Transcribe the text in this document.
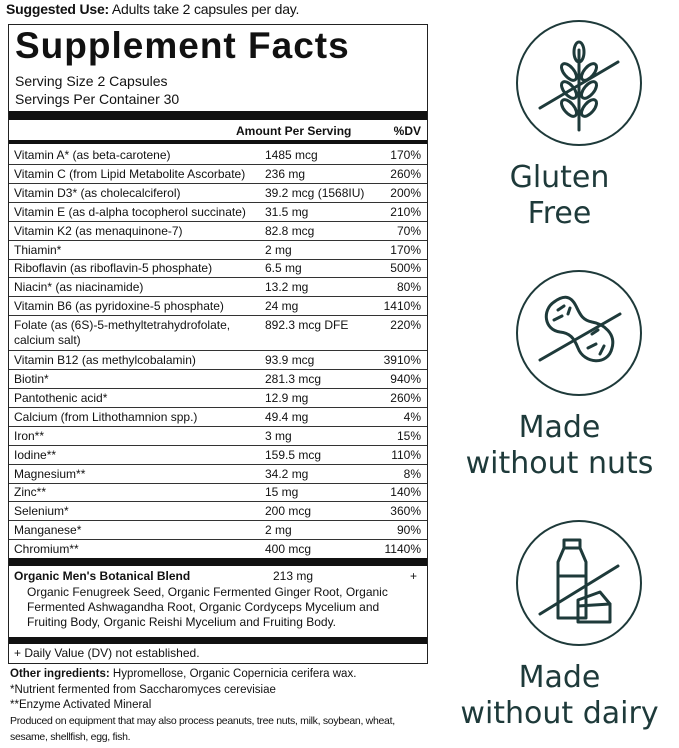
Suggested Use: Adults take 2 capsules per day.
Supplement Facts
Serving Size 2 Capsules
Servings Per Container 30
Amount Per Serving	%DV
Vitamin A* (as beta-carotene)	1485 mcg	170%
Vitamin C (from Lipid Metabolite Ascorbate) 236 mg	260%
Vitamin D3* (as cholecalciferol)	39.2 mcg (1568IU) 200%
Vitamin E (as d-alpha tocopherol succinate) 31.5 mg	210%
Vitamin K2 (as menaquinone-7)	82.8 mcg	70%
Thiamin*	2 mg	170%
Riboflavin (as riboflavin-5 phosphate)	6.5 mg	500%
Niacin* (as niacinamide)	13.2 mg	80%
Vitamin B6 (as pyridoxine-5 phosphate)	24 mg	1410%
Folate (as (6S)-5-methyltetrahydrofolate, calcium salt)
892.3 mcg DFE	220%
Vitamin B12 (as methylcobalamin)	93.9 mcg	3910%
Biotin*	281.3 mcg	940%
Pantothenic acid*	12.9 mg	260%
Calcium (from Lithothamnion spp.)	49.4 mg	4%
Iron**	3 mg	15%
Iodine**	159.5 mcg	110%
Magnesium**	34.2 mg	8%
Zinc**	15 mg	140%
Selenium*	200 mcg	360%
Manganese*	2 mg	90%
Chromium**	400 mcg	1140%
Organic Men's Botanical Blend	213 mg	+
Organic Fenugreek Seed, Organic Fermented Ginger Root, Organic Fermented Ashwagandha Root, Organic Cordyceps Mycelium and Fruiting Body, Organic Reishi Mycelium and Fruiting Body.
+ Daily Value (DV) not established.
Other ingredients: Hypromellose, Organic Copernicia cerifera wax.
*Nutrient fermented from Saccharomyces cerevisiae
**Enzyme Activated Mineral
Produced on equipment that may also process peanuts, tree nuts, milk, soybean, wheat,
sesame, shellfish, egg, fish.
Gluten
Free
Made
without nuts
Made
without dairy
